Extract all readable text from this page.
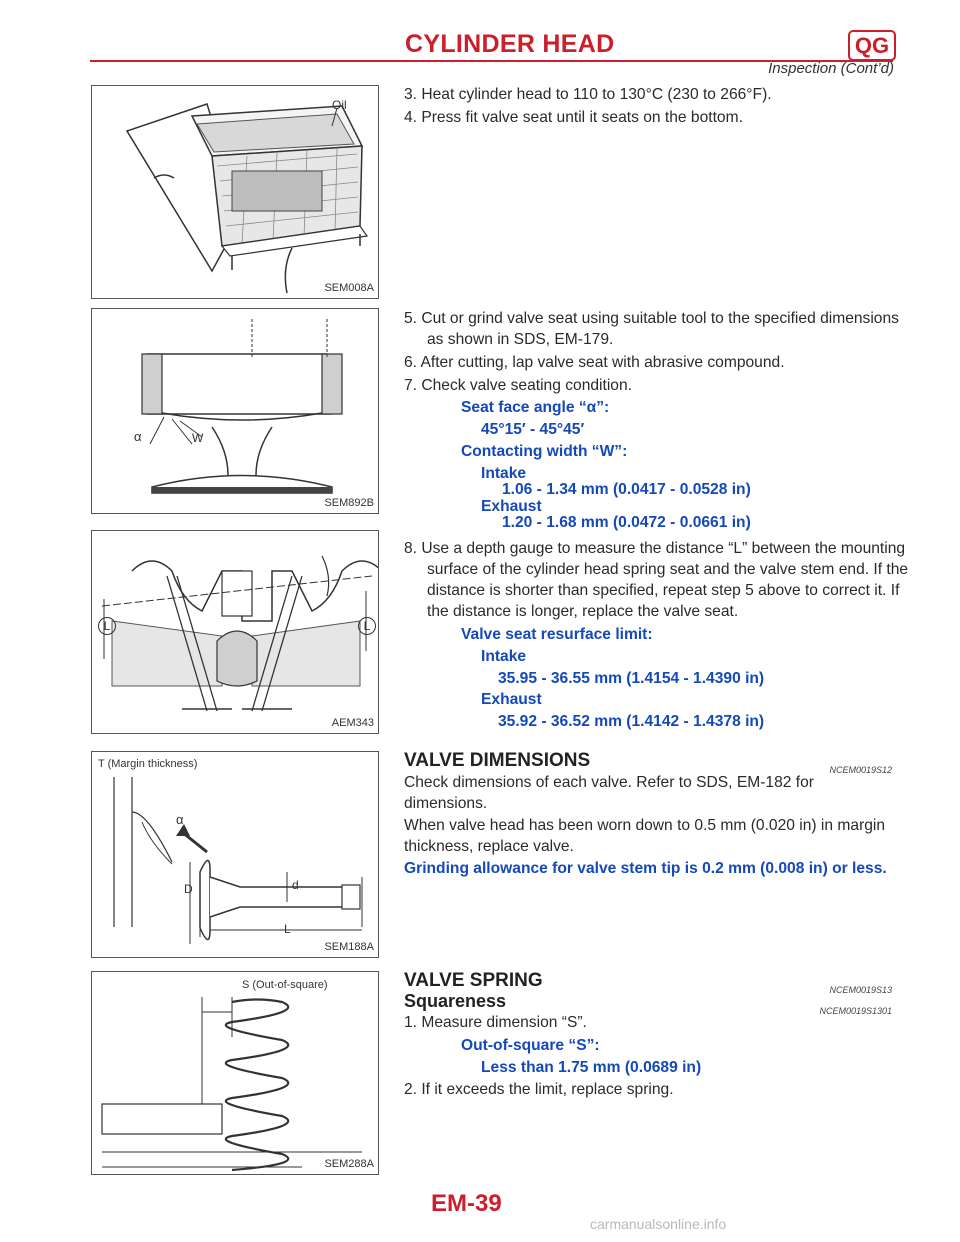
CYLINDER HEAD	QG
Inspection (Cont’d)
Oil
SEM008A
α	W
SEM892B
L	L
AEM343
T (Margin thickness)
α
D	d
L
SEM188A
S (Out-of-square)
SEM288A
3. Heat cylinder head to 110 to 130°C (230 to 266°F).
4. Press fit valve seat until it seats on the bottom.
5. Cut or grind valve seat using suitable tool to the specified dimensions as shown in SDS, EM-179.
6. After cutting, lap valve seat with abrasive compound.
7. Check valve seating condition.
Seat face angle “α”:
45°15′ - 45°45′
Contacting width “W”:
Intake
1.06 - 1.34 mm (0.0417 - 0.0528 in)
Exhaust
1.20 - 1.68 mm (0.0472 - 0.0661 in)
8. Use a depth gauge to measure the distance “L” between the mounting surface of the cylinder head spring seat and the valve stem end. If the distance is shorter than specified, repeat step 5 above to correct it. If the distance is longer, replace the valve seat.
Valve seat resurface limit:
Intake
35.95 - 36.55 mm (1.4154 - 1.4390 in)
Exhaust
35.92 - 36.52 mm (1.4142 - 1.4378 in)
VALVE DIMENSIONS	NCEM0019S12
Check dimensions of each valve. Refer to SDS, EM-182 for dimensions.
When valve head has been worn down to 0.5 mm (0.020 in) in margin thickness, replace valve.
Grinding allowance for valve stem tip is 0.2 mm (0.008 in) or less.
VALVE SPRING	NCEM0019S13
Squareness	NCEM0019S1301
1. Measure dimension “S”.
Out-of-square “S”:
Less than 1.75 mm (0.0689 in)
2. If it exceeds the limit, replace spring.
EM-39
carmanualsonline.info
